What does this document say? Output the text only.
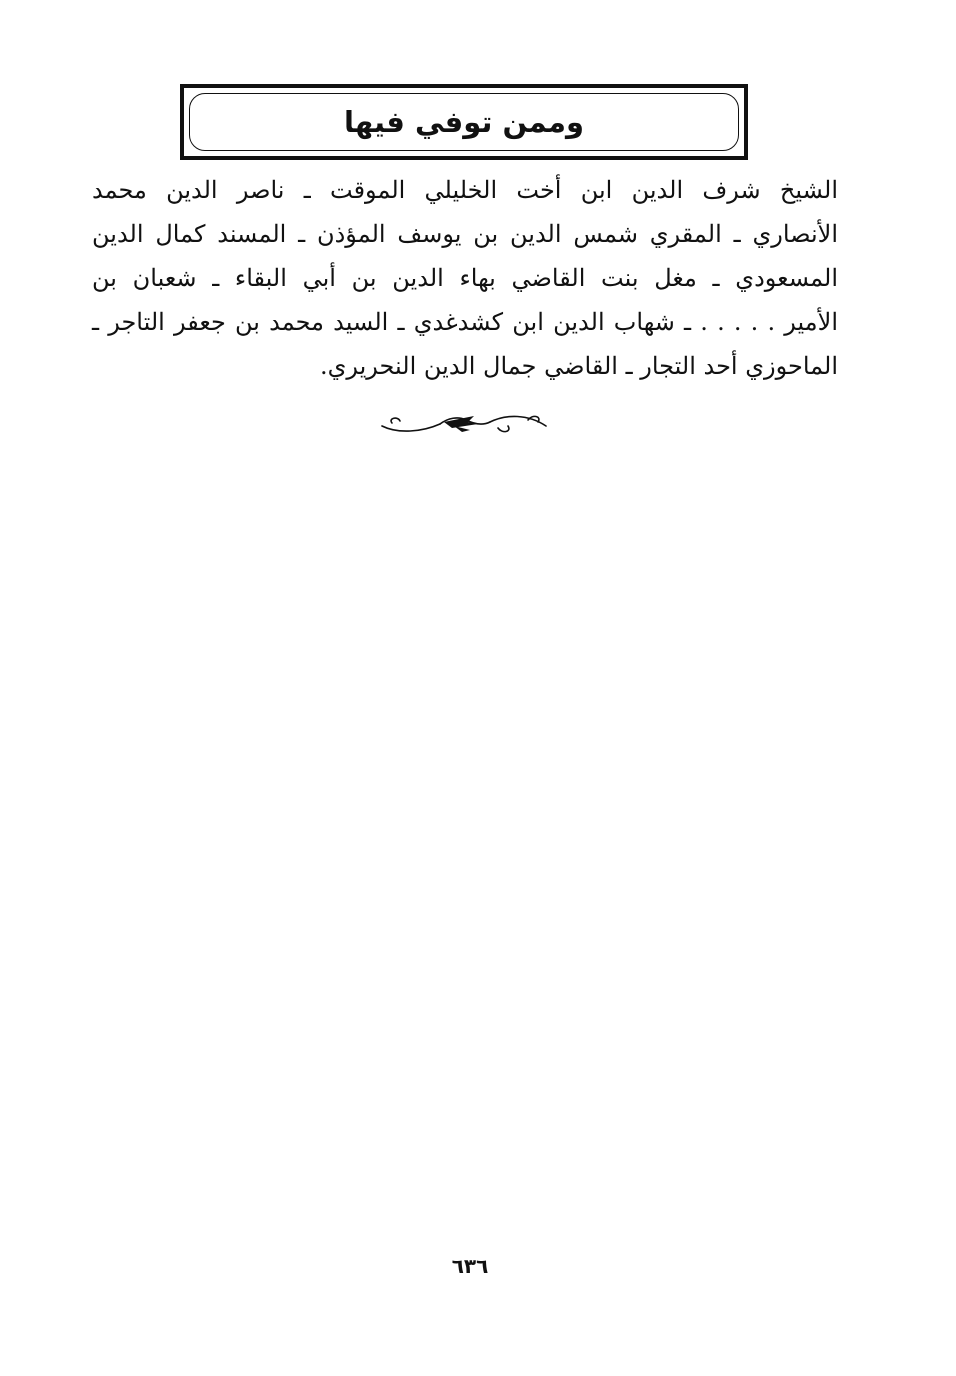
وممن توفي فيها
الشيخ شرف الدين ابن أخت الخليلي الموقت ـ ناصر الدين محمد
الأنصاري ـ المقري شمس الدين بن يوسف المؤذن ـ المسند كمال الدين
المسعودي ـ مغل بنت القاضي بهاء الدين بن أبي البقاء ـ شعبان بن
الأمير . . . . . ـ شهاب الدين ابن كشدغدي ـ السيد محمد بن جعفر التاجر ـ
الماحوزي أحد التجار ـ القاضي جمال الدين النحريري.
٦٣٦
